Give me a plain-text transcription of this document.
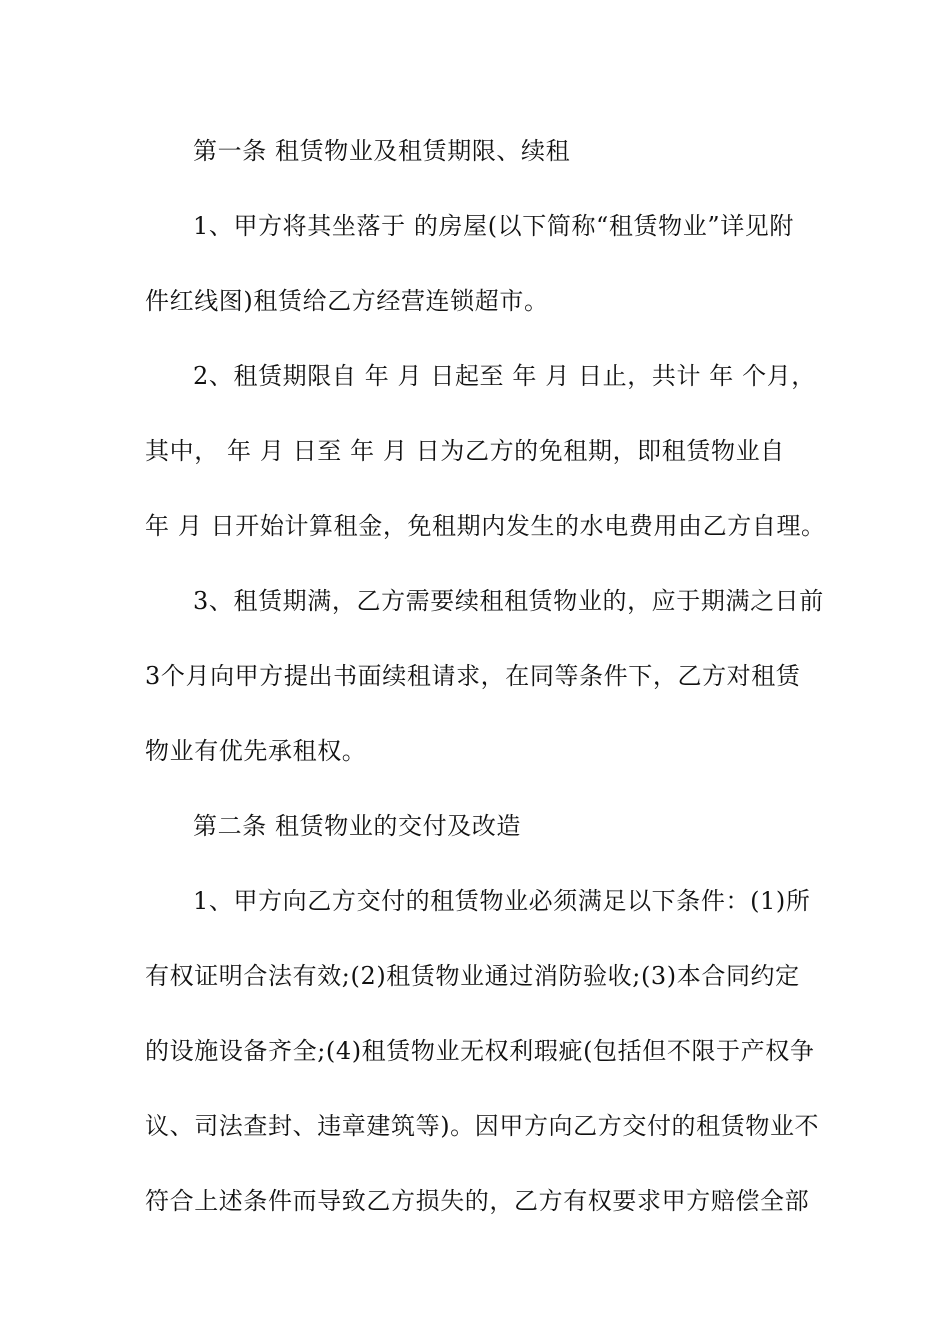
第一条 租赁物业及租赁期限、续租
1、甲方将其坐落于 的房屋(以下简称“租赁物业”详见附
件红线图)租赁给乙方经营连锁超市。
2、租赁期限自 年 月 日起至 年 月 日止，共计 年 个月，
其中， 年 月 日至 年 月 日为乙方的免租期，即租赁物业自
年 月 日开始计算租金，免租期内发生的水电费用由乙方自理。
3、租赁期满，乙方需要续租租赁物业的，应于期满之日前
3个月向甲方提出书面续租请求，在同等条件下，乙方对租赁
物业有优先承租权。
第二条 租赁物业的交付及改造
1、甲方向乙方交付的租赁物业必须满足以下条件：(1)所
有权证明合法有效;(2)租赁物业通过消防验收;(3)本合同约定
的设施设备齐全;(4)租赁物业无权利瑕疵(包括但不限于产权争
议、司法查封、违章建筑等)。因甲方向乙方交付的租赁物业不
符合上述条件而导致乙方损失的，乙方有权要求甲方赔偿全部
